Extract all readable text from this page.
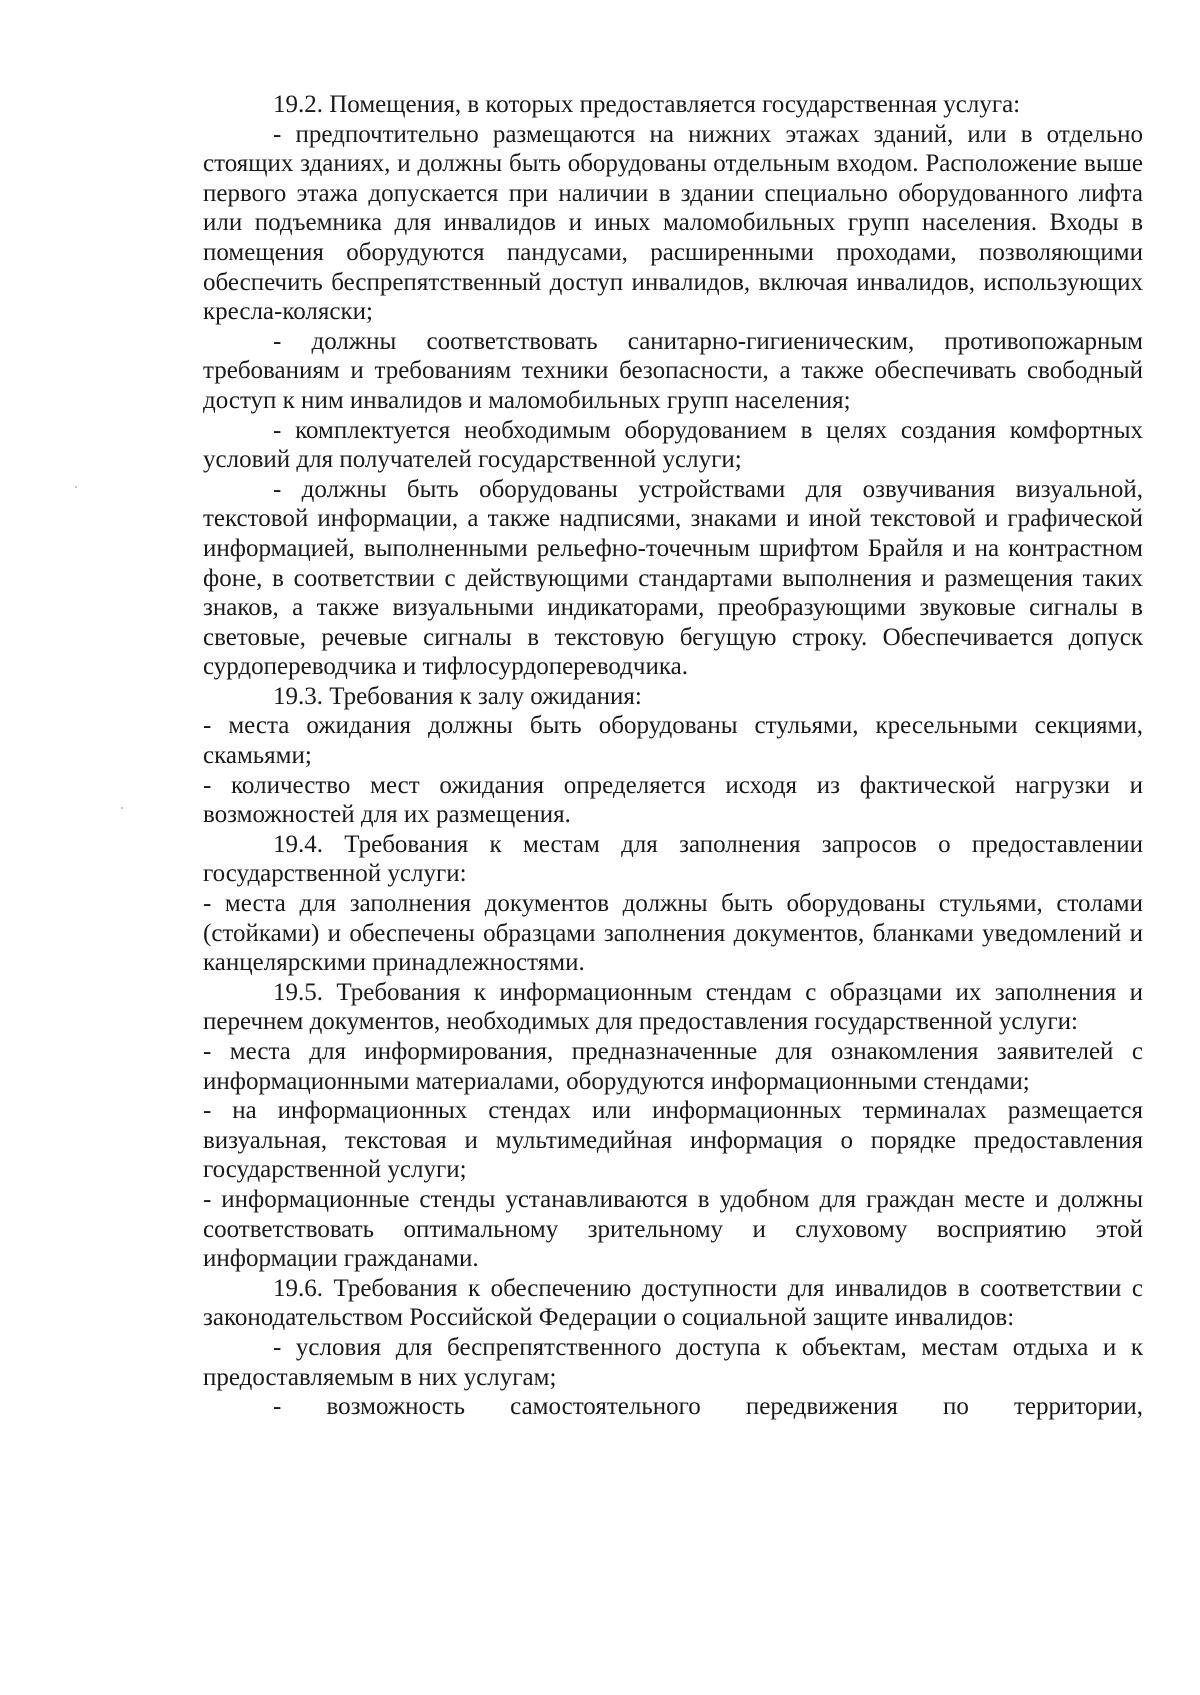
19.2. Помещения, в которых предоставляется государственная услуга:

- предпочтительно размещаются на нижних этажах зданий, или в отдельно стоящих зданиях, и должны быть оборудованы отдельным входом. Расположение выше первого этажа допускается при наличии в здании специально оборудованного лифта или подъемника для инвалидов и иных маломобильных групп населения. Входы в помещения оборудуются пандусами, расширенными проходами, позволяющими обеспечить беспрепятственный доступ инвалидов, включая инвалидов, использующих кресла-коляски;

- должны соответствовать санитарно-гигиеническим, противопожарным требованиям и требованиям техники безопасности, а также обеспечивать свободный доступ к ним инвалидов и маломобильных групп населения;

- комплектуется необходимым оборудованием в целях создания комфортных условий для получателей государственной услуги;

- должны быть оборудованы устройствами для озвучивания визуальной, текстовой информации, а также надписями, знаками и иной текстовой и графической информацией, выполненными рельефно-точечным шрифтом Брайля и на контрастном фоне, в соответствии с действующими стандартами выполнения и размещения таких знаков, а также визуальными индикаторами, преобразующими звуковые сигналы в световые, речевые сигналы в текстовую бегущую строку. Обеспечивается допуск сурдопереводчика и тифлосурдопереводчика.

19.3. Требования к залу ожидания:

- места ожидания должны быть оборудованы стульями, кресельными секциями, скамьями;

- количество мест ожидания определяется исходя из фактической нагрузки и возможностей для их размещения.

19.4. Требования к местам для заполнения запросов о предоставлении государственной услуги:

- места для заполнения документов должны быть оборудованы стульями, столами (стойками) и обеспечены образцами заполнения документов, бланками уведомлений и канцелярскими принадлежностями.

19.5. Требования к информационным стендам с образцами их заполнения и перечнем документов, необходимых для предоставления государственной услуги:

- места для информирования, предназначенные для ознакомления заявителей с информационными материалами, оборудуются информационными стендами;

- на информационных стендах или информационных терминалах размещается визуальная, текстовая и мультимедийная информация о порядке предоставления государственной услуги;

- информационные стенды устанавливаются в удобном для граждан месте и должны соответствовать оптимальному зрительному и слуховому восприятию этой информации гражданами.

19.6. Требования к обеспечению доступности для инвалидов в соответствии с законодательством Российской Федерации о социальной защите инвалидов:

- условия для беспрепятственного доступа к объектам, местам отдыха и к предоставляемым в них услугам;

- возможность самостоятельного передвижения по территории,
